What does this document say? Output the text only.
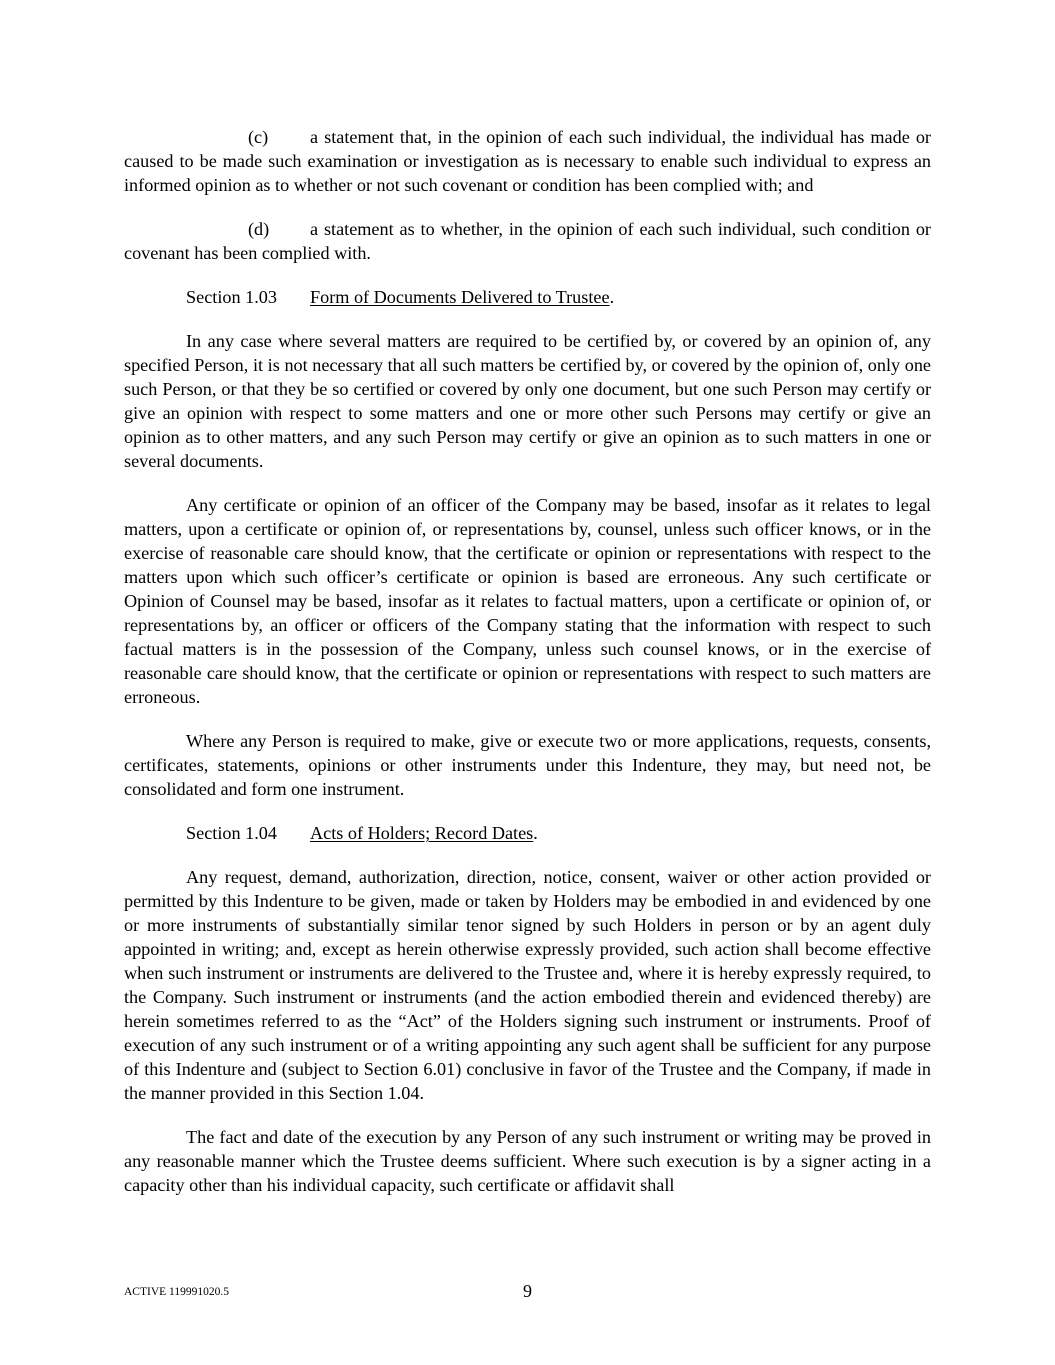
(c) a statement that, in the opinion of each such individual, the individual has made or caused to be made such examination or investigation as is necessary to enable such individual to express an informed opinion as to whether or not such covenant or condition has been complied with; and

(d) a statement as to whether, in the opinion of each such individual, such condition or covenant has been complied with.

Section 1.03 Form of Documents Delivered to Trustee.

In any case where several matters are required to be certified by, or covered by an opinion of, any specified Person, it is not necessary that all such matters be certified by, or covered by the opinion of, only one such Person, or that they be so certified or covered by only one document, but one such Person may certify or give an opinion with respect to some matters and one or more other such Persons may certify or give an opinion as to other matters, and any such Person may certify or give an opinion as to such matters in one or several documents.

Any certificate or opinion of an officer of the Company may be based, insofar as it relates to legal matters, upon a certificate or opinion of, or representations by, counsel, unless such officer knows, or in the exercise of reasonable care should know, that the certificate or opinion or representations with respect to the matters upon which such officer’s certificate or opinion is based are erroneous. Any such certificate or Opinion of Counsel may be based, insofar as it relates to factual matters, upon a certificate or opinion of, or representations by, an officer or officers of the Company stating that the information with respect to such factual matters is in the possession of the Company, unless such counsel knows, or in the exercise of reasonable care should know, that the certificate or opinion or representations with respect to such matters are erroneous.

Where any Person is required to make, give or execute two or more applications, requests, consents, certificates, statements, opinions or other instruments under this Indenture, they may, but need not, be consolidated and form one instrument.

Section 1.04 Acts of Holders; Record Dates.

Any request, demand, authorization, direction, notice, consent, waiver or other action provided or permitted by this Indenture to be given, made or taken by Holders may be embodied in and evidenced by one or more instruments of substantially similar tenor signed by such Holders in person or by an agent duly appointed in writing; and, except as herein otherwise expressly provided, such action shall become effective when such instrument or instruments are delivered to the Trustee and, where it is hereby expressly required, to the Company. Such instrument or instruments (and the action embodied therein and evidenced thereby) are herein sometimes referred to as the “Act” of the Holders signing such instrument or instruments. Proof of execution of any such instrument or of a writing appointing any such agent shall be sufficient for any purpose of this Indenture and (subject to Section 6.01) conclusive in favor of the Trustee and the Company, if made in the manner provided in this Section 1.04.

The fact and date of the execution by any Person of any such instrument or writing may be proved in any reasonable manner which the Trustee deems sufficient. Where such execution is by a signer acting in a capacity other than his individual capacity, such certificate or affidavit shall

ACTIVE 119991020.5	9
